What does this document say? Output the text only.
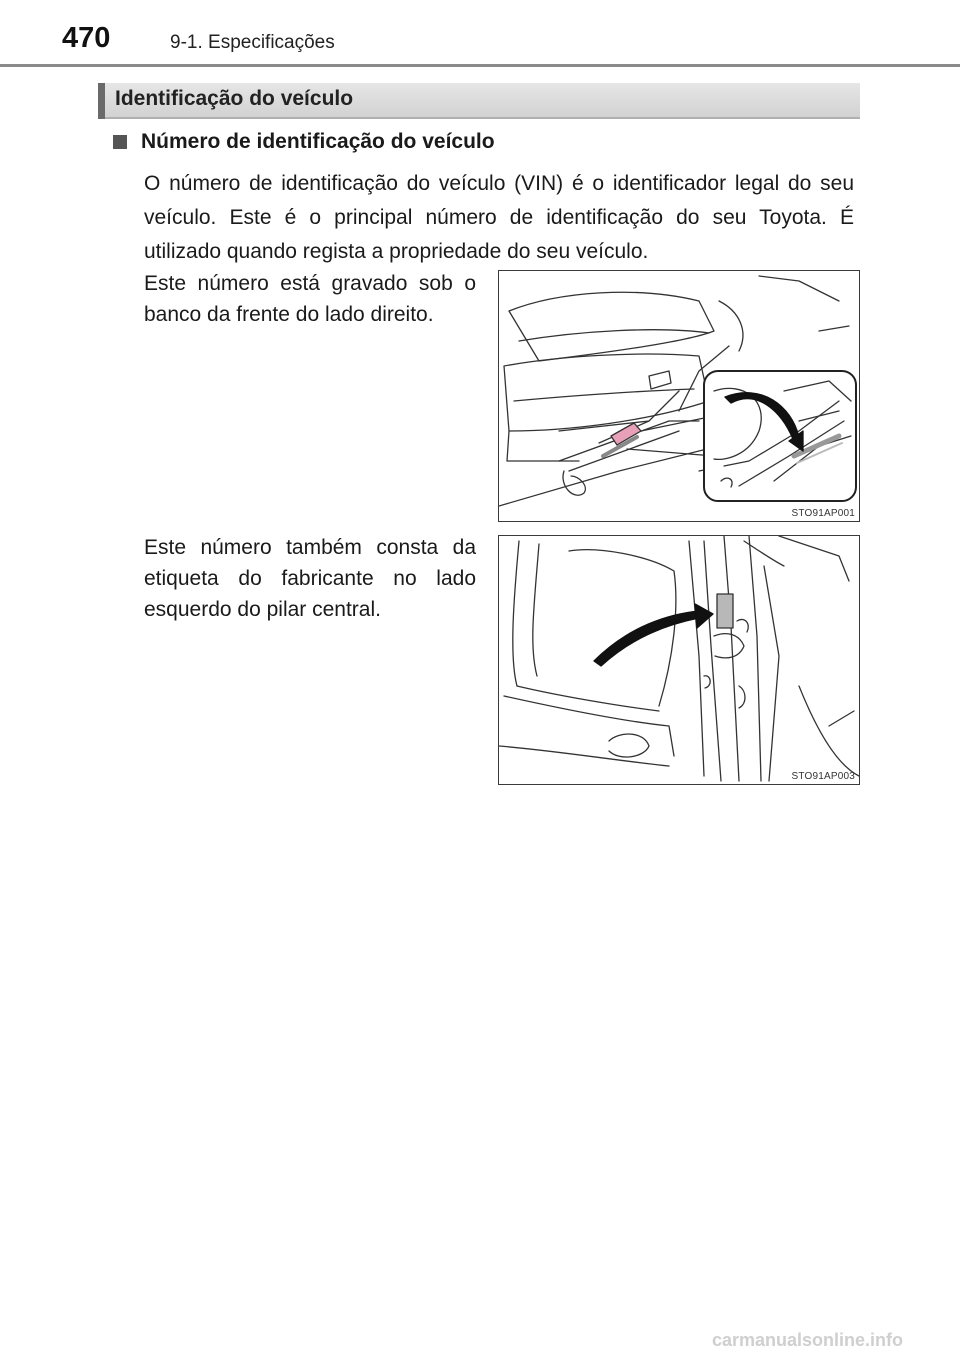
470	9-1. Especificações
Identificação do veículo
Número de identificação do veículo
O número de identificação do veículo (VIN) é o identificador legal do seu veículo. Este é o principal número de identificação do seu Toyota. É utilizado quando regista a propriedade do seu veículo.
Este número está gravado sob o banco da frente do lado direito.
STO91AP001
Este número também consta da etiqueta do fabricante no lado esquerdo do pilar central.
STO91AP003
carmanualsonline.info
